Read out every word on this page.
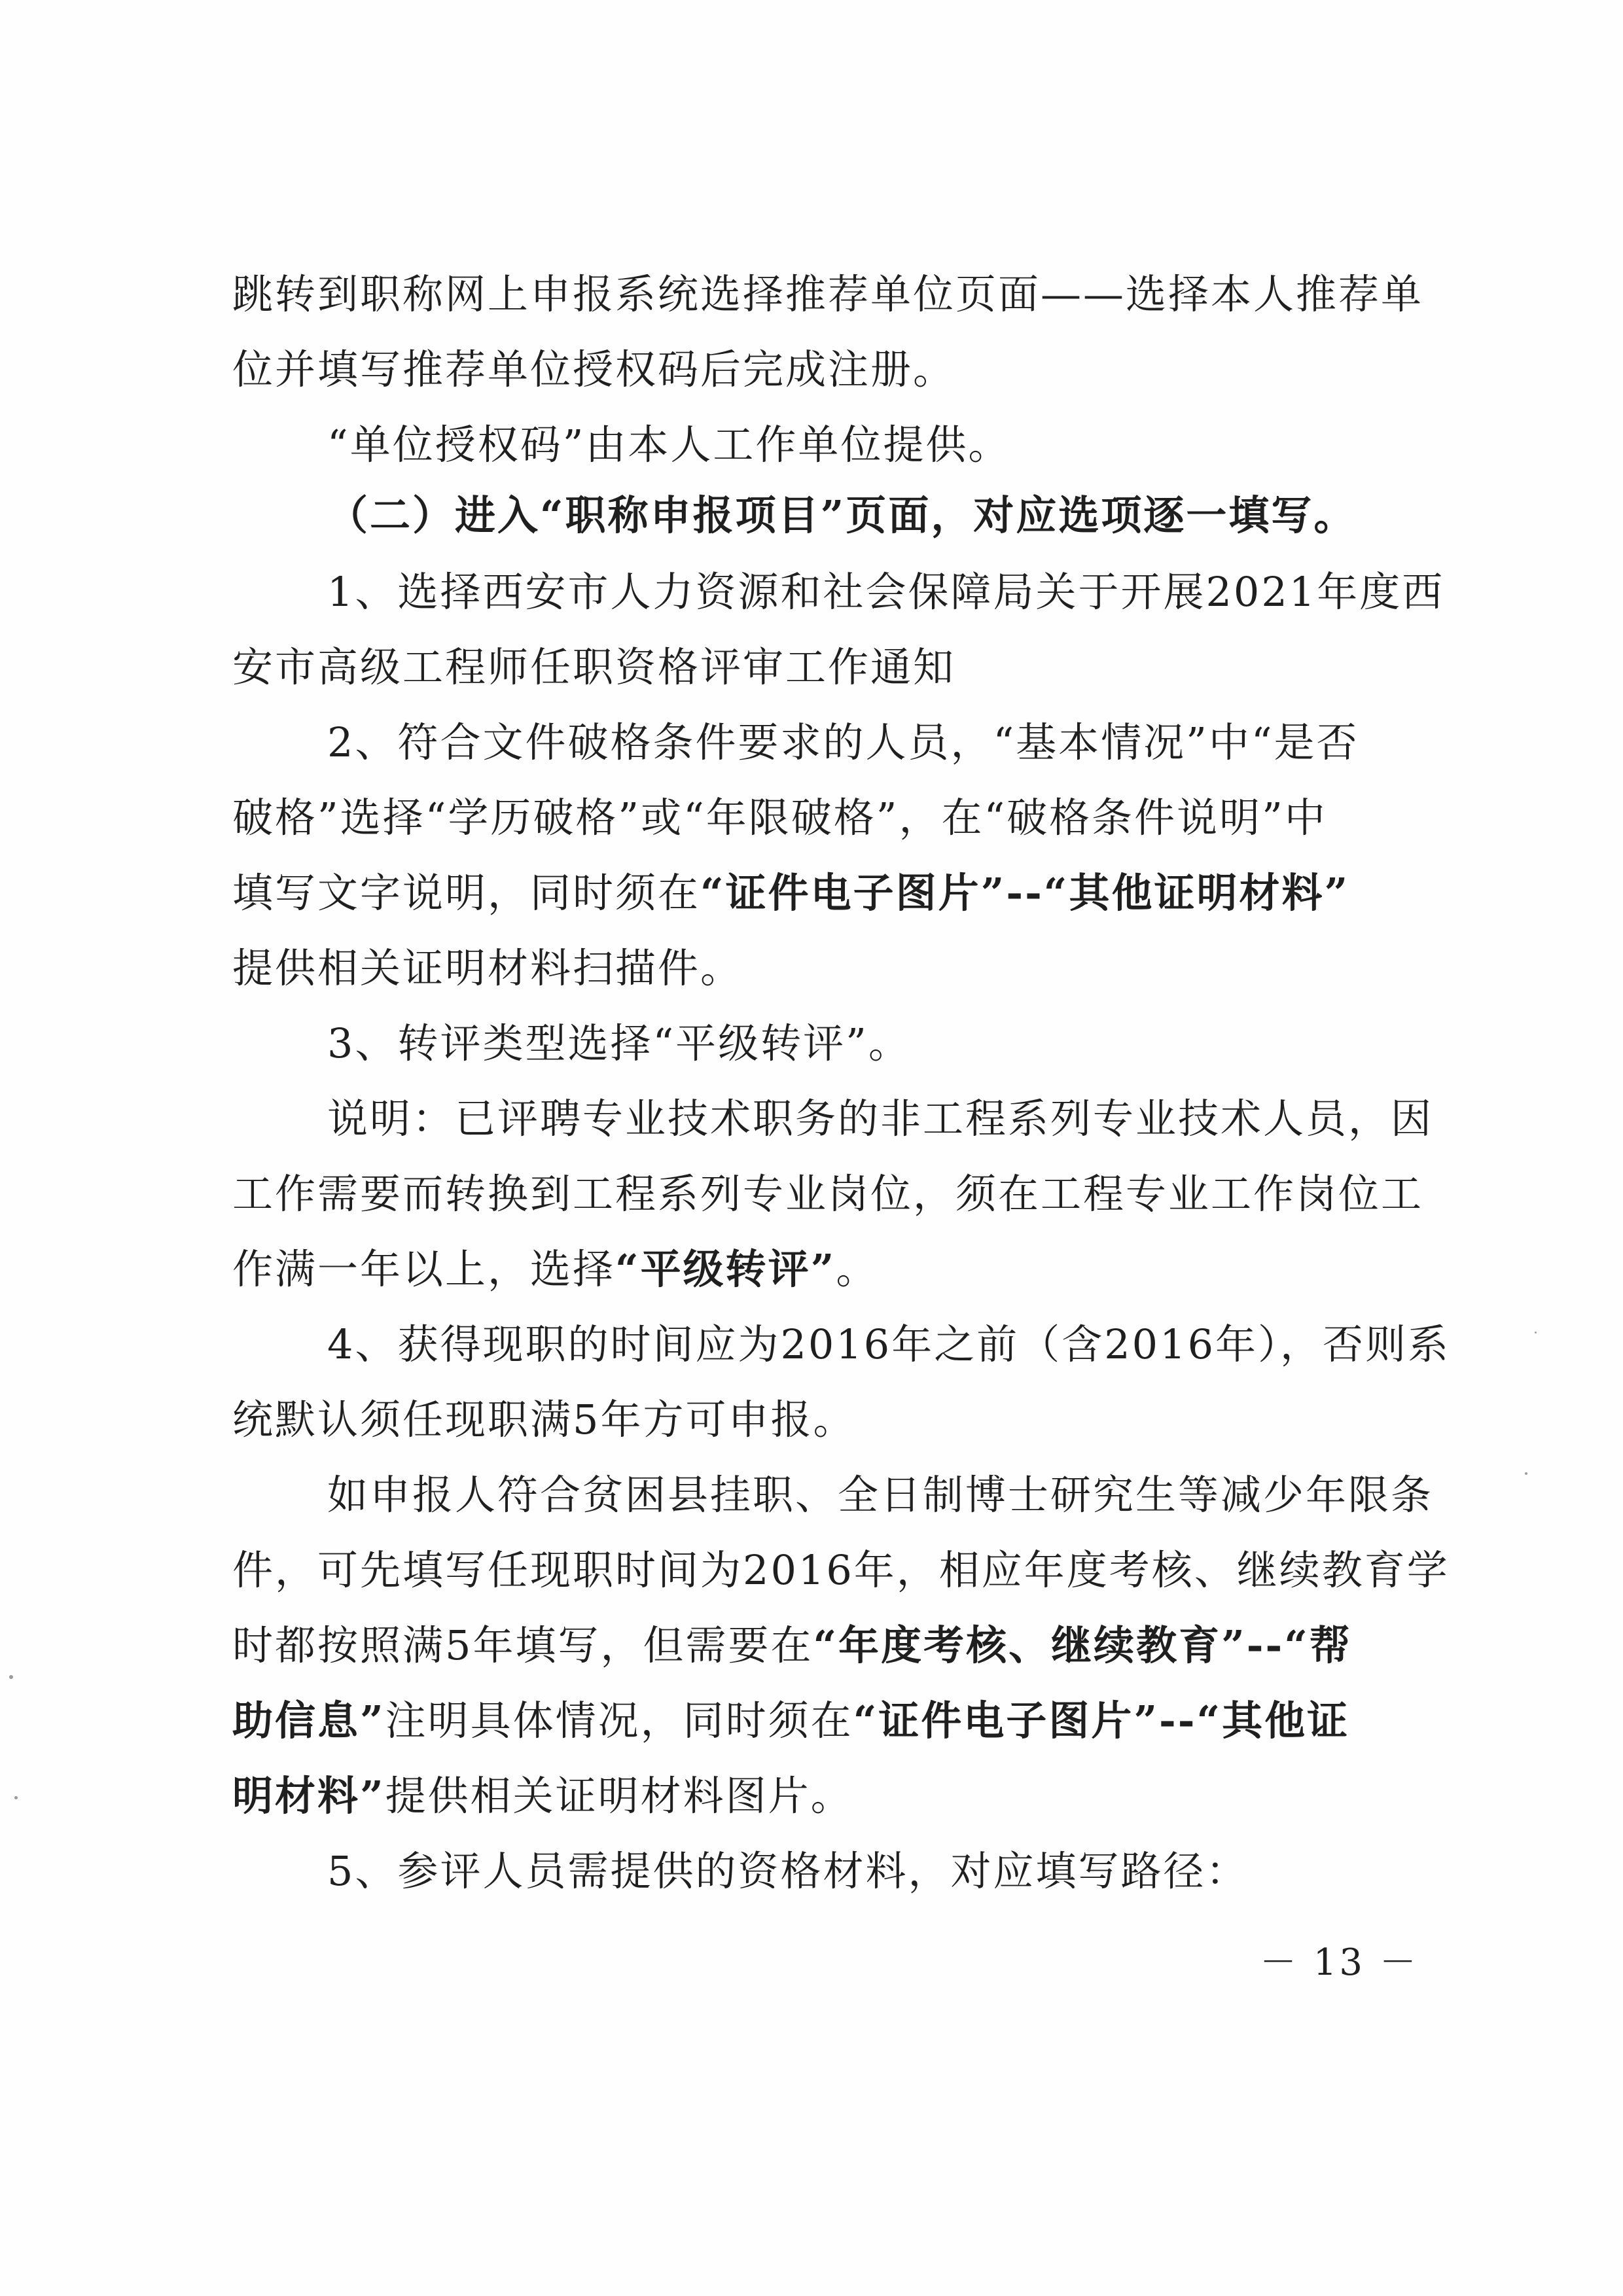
跳转到职称网上申报系统选择推荐单位页面——选择本人推荐单
位并填写推荐单位授权码后完成注册。
“单位授权码”由本人工作单位提供。
（二）进入“职称申报项目”页面，对应选项逐一填写。
1、选择西安市人力资源和社会保障局关于开展2021年度西
安市高级工程师任职资格评审工作通知
2、符合文件破格条件要求的人员，“基本情况”中“是否
破格”选择“学历破格”或“年限破格”，在“破格条件说明”中
填写文字说明，同时须在“证件电子图片”--“其他证明材料”
提供相关证明材料扫描件。
3、转评类型选择“平级转评”。
说明：已评聘专业技术职务的非工程系列专业技术人员，因
工作需要而转换到工程系列专业岗位，须在工程专业工作岗位工
作满一年以上，选择“平级转评”。
4、获得现职的时间应为2016年之前（含2016年），否则系
统默认须任现职满5年方可申报。
如申报人符合贫困县挂职、全日制博士研究生等减少年限条
件，可先填写任现职时间为2016年，相应年度考核、继续教育学
时都按照满5年填写，但需要在“年度考核、继续教育”--“帮
助信息”注明具体情况，同时须在“证件电子图片”--“其他证
明材料”提供相关证明材料图片。
5、参评人员需提供的资格材料，对应填写路径：
－ 13 －
